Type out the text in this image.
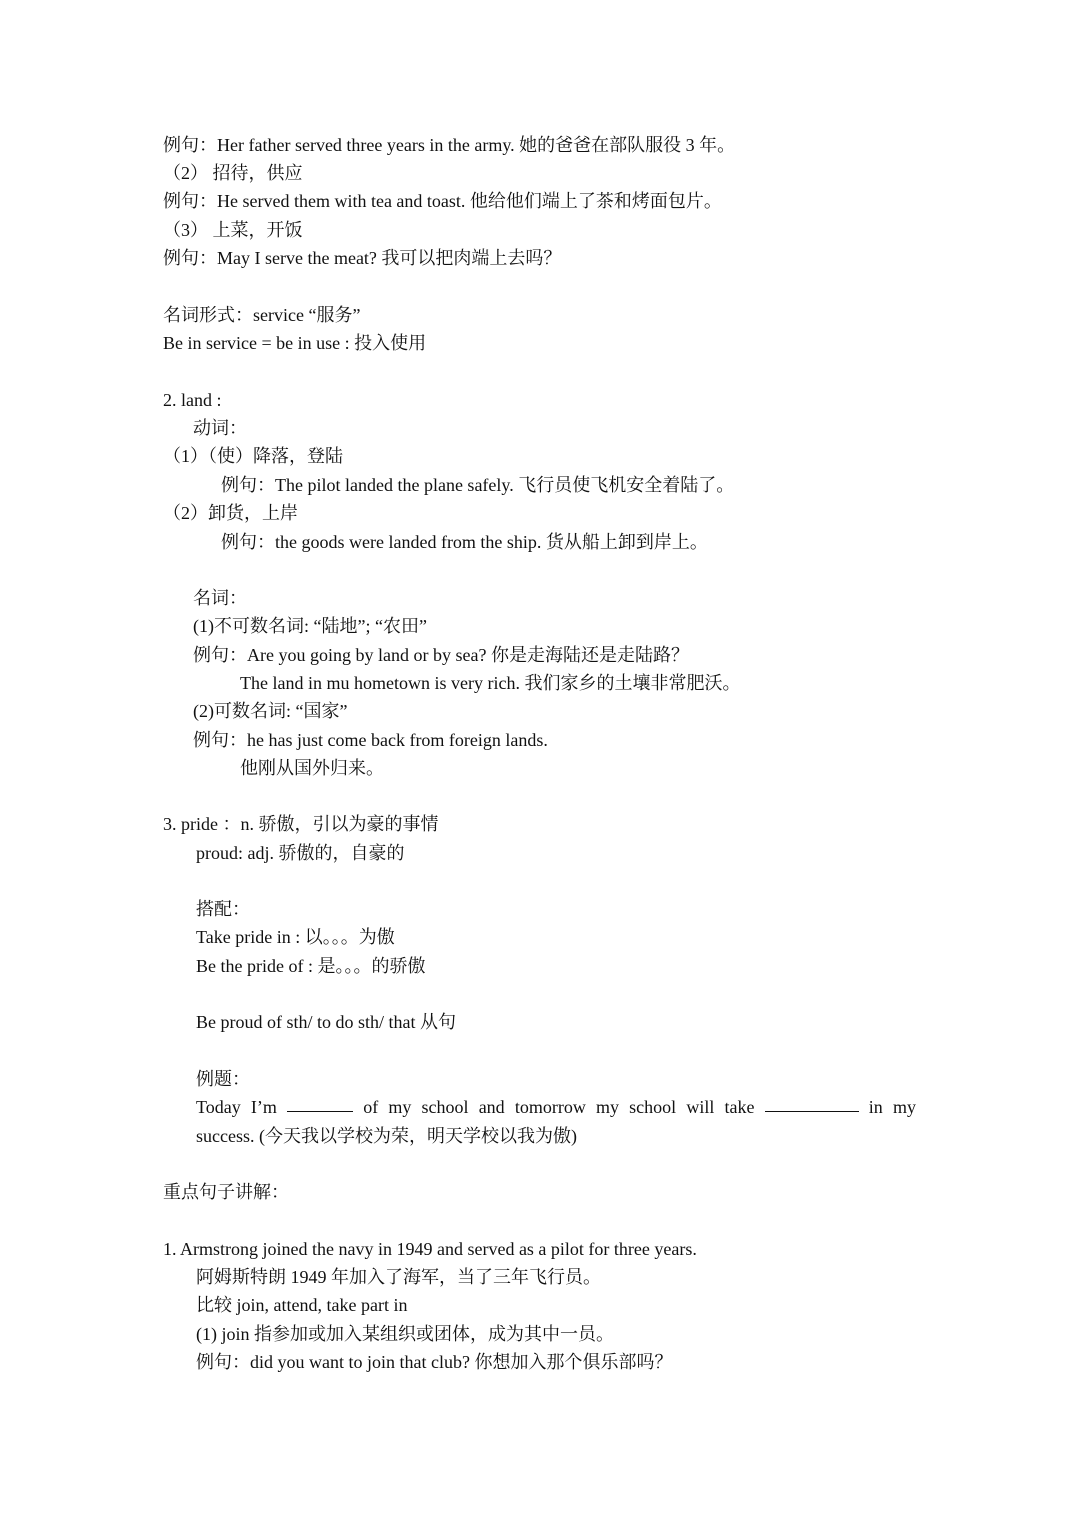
例句：Her father served three years in the army. 她的爸爸在部队服役 3 年。
（2） 招待，供应
例句：He served them with tea and toast. 他给他们端上了茶和烤面包片。
（3） 上菜，开饭
例句：May I serve the meat? 我可以把肉端上去吗？
名词形式：service “服务”
Be in service = be in use : 投入使用
2. land :
动词：
（1）（使）降落，登陆
例句：The pilot landed the plane safely. 飞行员使飞机安全着陆了。
（2）卸货，上岸
例句：the goods were landed from the ship. 货从船上卸到岸上。
名词：
(1)不可数名词: “陆地”; “农田”
例句：Are you going by land or by sea? 你是走海陆还是走陆路？
The land in mu hometown is very rich. 我们家乡的土壤非常肥沃。
(2)可数名词: “国家”
例句：he has just come back from foreign lands.
他刚从国外归来。
3. pride ：n. 骄傲，引以为豪的事情
proud: adj. 骄傲的，自豪的
搭配：
Take pride in : 以。。。为傲
Be the pride of : 是。。。的骄傲
Be proud of sth/ to do sth/ that 从句
例题：
Today I’m	of my school and tomorrow my school will take	in my
success. (今天我以学校为荣，明天学校以我为傲)
重点句子讲解：
1. Armstrong joined the navy in 1949 and served as a pilot for three years.
阿姆斯特朗 1949 年加入了海军，当了三年飞行员。
比较 join, attend, take part in
(1) join 指参加或加入某组织或团体，成为其中一员。
例句：did you want to join that club? 你想加入那个俱乐部吗？
